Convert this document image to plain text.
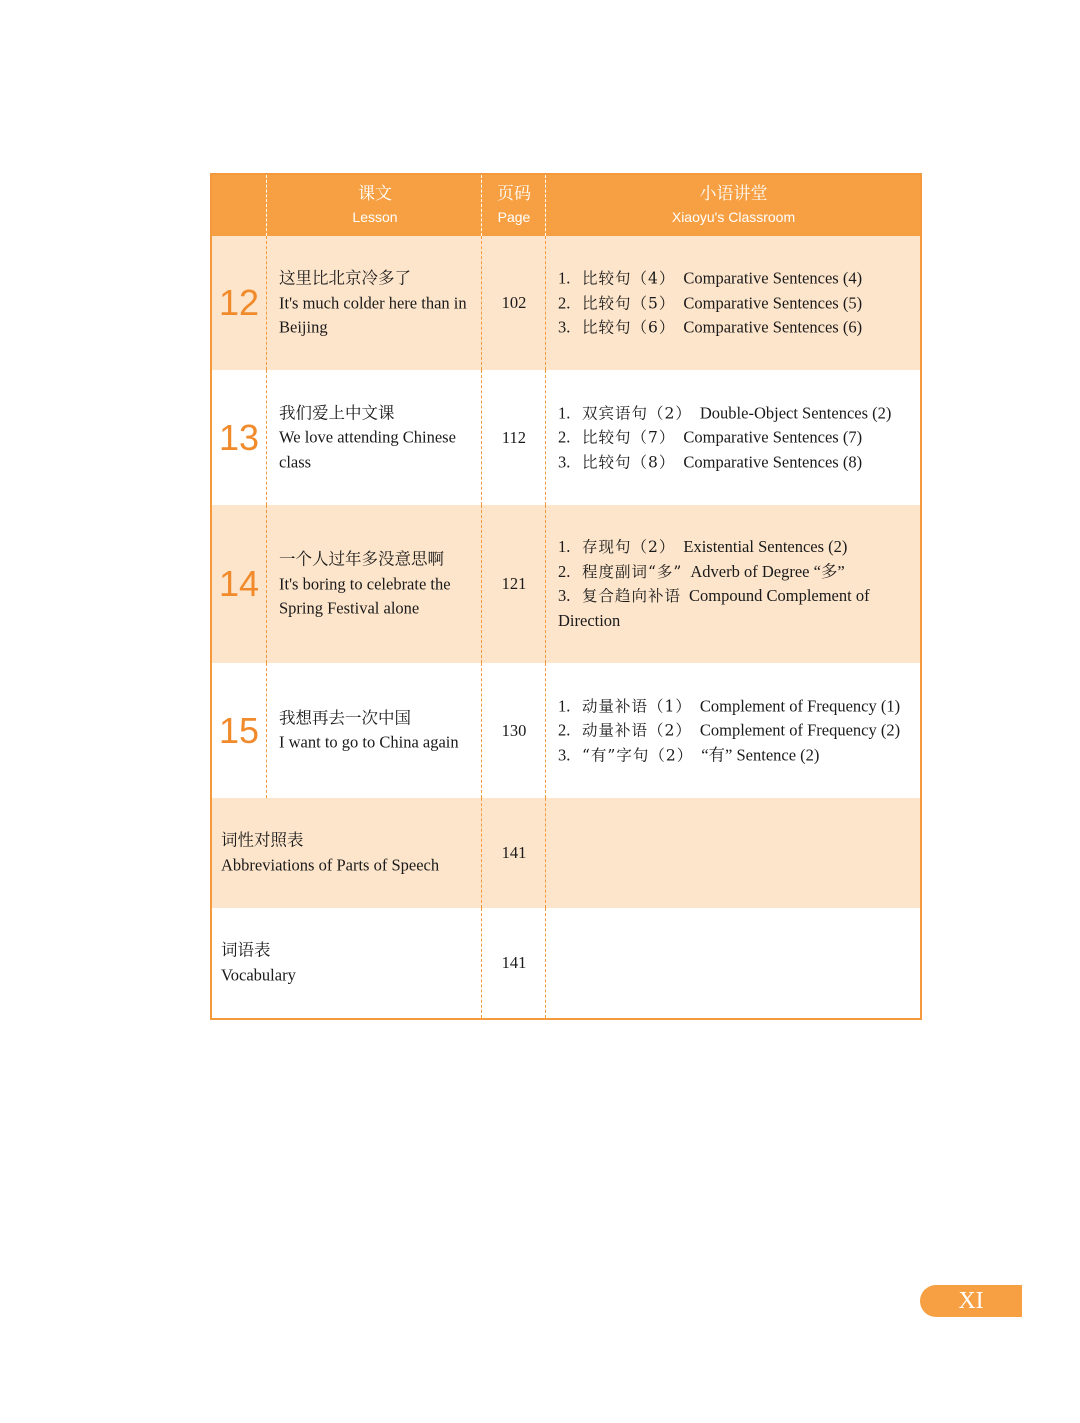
课文
Lesson
页码
Page
小语讲堂
Xiaoyu's Classroom
12
这里比北京冷多了
It's much colder here than in Beijing
102
1. 比较句（4） Comparative Sentences (4)
2. 比较句（5） Comparative Sentences (5)
3. 比较句（6） Comparative Sentences (6)
13
我们爱上中文课
We love attending Chinese class
112
1. 双宾语句（2） Double-Object Sentences (2)
2. 比较句（7） Comparative Sentences (7)
3. 比较句（8） Comparative Sentences (8)
14
一个人过年多没意思啊
It's boring to celebrate the Spring Festival alone
121
1. 存现句（2） Existential Sentences (2)
2. 程度副词“多” Adverb of Degree “多”
3. 复合趋向补语 Compound Complement of
Direction
15	我想再去一次中国
I want to go to China again
130
1. 动量补语（1） Complement of Frequency (1)
2. 动量补语（2） Complement of Frequency (2)
3. “有”字句（2） “有” Sentence (2)
词性对照表
Abbreviations of Parts of Speech
141
词语表
Vocabulary
141
XI
